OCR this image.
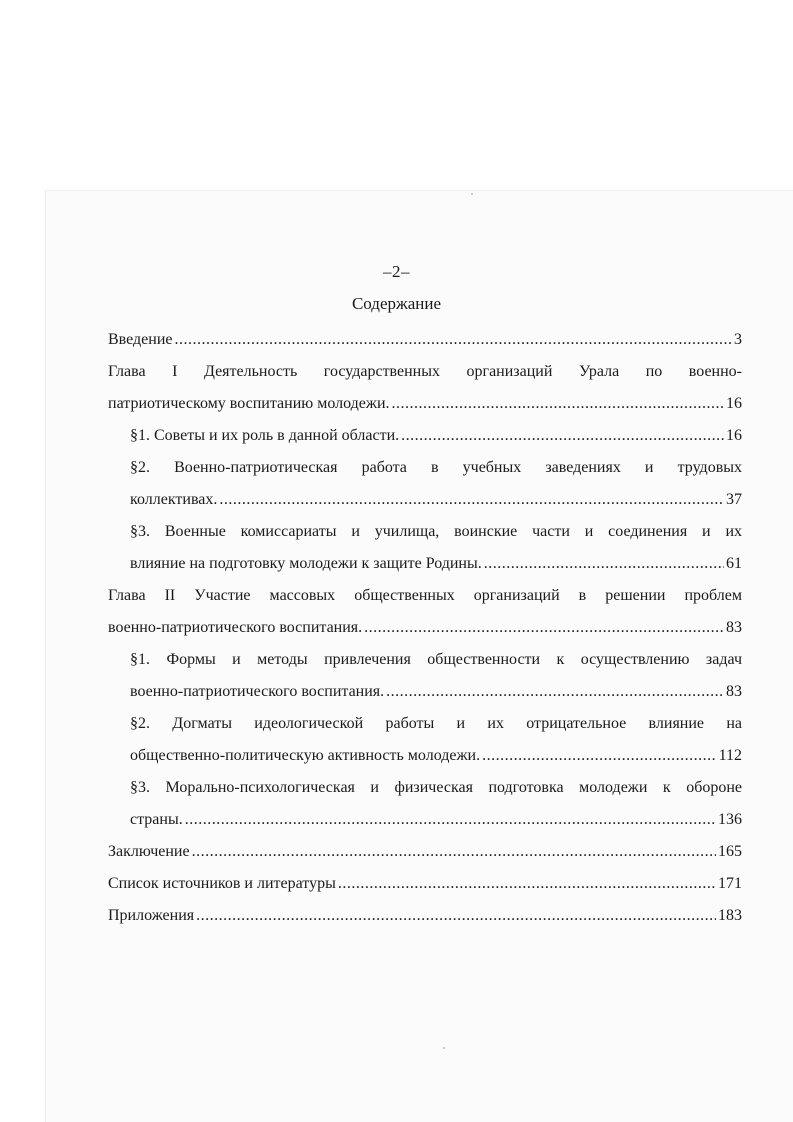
–2–
Содержание
Введение .....	3
Глава I Деятельность государственных организаций Урала по военно-
патриотическому воспитанию молодежи. .....	16
§1. Советы и их роль в данной области. .....	16
§2. Военно-патриотическая работа в учебных заведениях и трудовых
коллективах. .....	37
§3. Военные комиссариаты и училища, воинские части и соединения и их
влияние на подготовку молодежи к защите Родины. .....	61
Глава II Участие массовых общественных организаций в решении проблем
военно-патриотического воспитания. .....	83
§1. Формы и методы привлечения общественности к осуществлению задач
военно-патриотического воспитания. .....	83
§2. Догматы идеологической работы и их отрицательное влияние на
общественно-политическую активность молодежи. .....	112
§3. Морально-психологическая и физическая подготовка молодежи к обороне
страны. .....	136
Заключение .....	165
Список источников и литературы .....	171
Приложения .....	183
